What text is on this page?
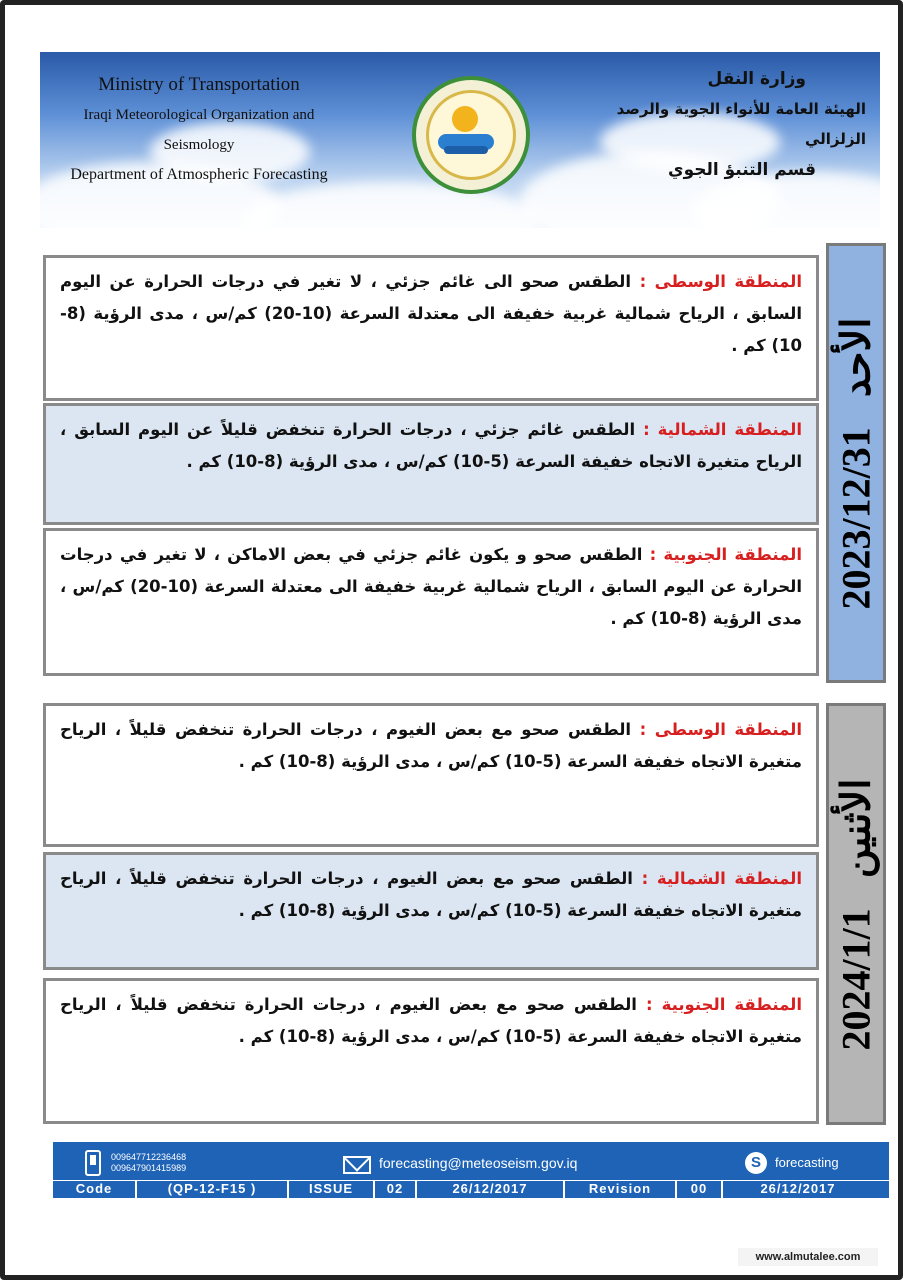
Ministry of Transportation
Iraqi Meteorological Organization and Seismology
Department of Atmospheric Forecasting
وزارة النقل
الهيئة العامة للأنواء الجوية والرصد الزلزالي
قسم التنبؤ الجوي
المنطقة الوسطى : الطقس صحو الى غائم جزئي ، لا تغير في درجات الحرارة عن اليوم السابق ، الرياح شمالية غربية خفيفة الى معتدلة السرعة (10-20) كم/س ، مدى الرؤية (8-10) كم .
المنطقة الشمالية : الطقس غائم جزئي ، درجات الحرارة تنخفض قليلاً عن اليوم السابق ، الرياح متغيرة الاتجاه خفيفة السرعة (5-10) كم/س ، مدى الرؤية (8-10) كم .
المنطقة الجنوبية : الطقس صحو و يكون غائم جزئي في بعض الاماكن ، لا تغير في درجات الحرارة عن اليوم السابق ، الرياح شمالية غربية خفيفة الى معتدلة السرعة (10-20) كم/س ، مدى الرؤية (8-10) كم .
2023/12/31الأحد
المنطقة الوسطى : الطقس صحو مع بعض الغيوم ، درجات الحرارة تنخفض قليلاً ، الرياح متغيرة الاتجاه خفيفة السرعة (5-10) كم/س ، مدى الرؤية (8-10) كم .
المنطقة الشمالية : الطقس صحو مع بعض الغيوم ، درجات الحرارة تنخفض قليلاً ، الرياح متغيرة الاتجاه خفيفة السرعة (5-10) كم/س ، مدى الرؤية (8-10) كم .
المنطقة الجنوبية : الطقس صحو مع بعض الغيوم ، درجات الحرارة تنخفض قليلاً ، الرياح متغيرة الاتجاه خفيفة السرعة (5-10) كم/س ، مدى الرؤية (8-10) كم . 2024/1/1الأثنين
009647712236468
009647901415989	forecasting@meteoseism.gov.iq	S	forecasting
Code	(QP-12-F15 )	ISSUE	02	26/12/2017	Revision	00	26/12/2017
www.almutalee.com
